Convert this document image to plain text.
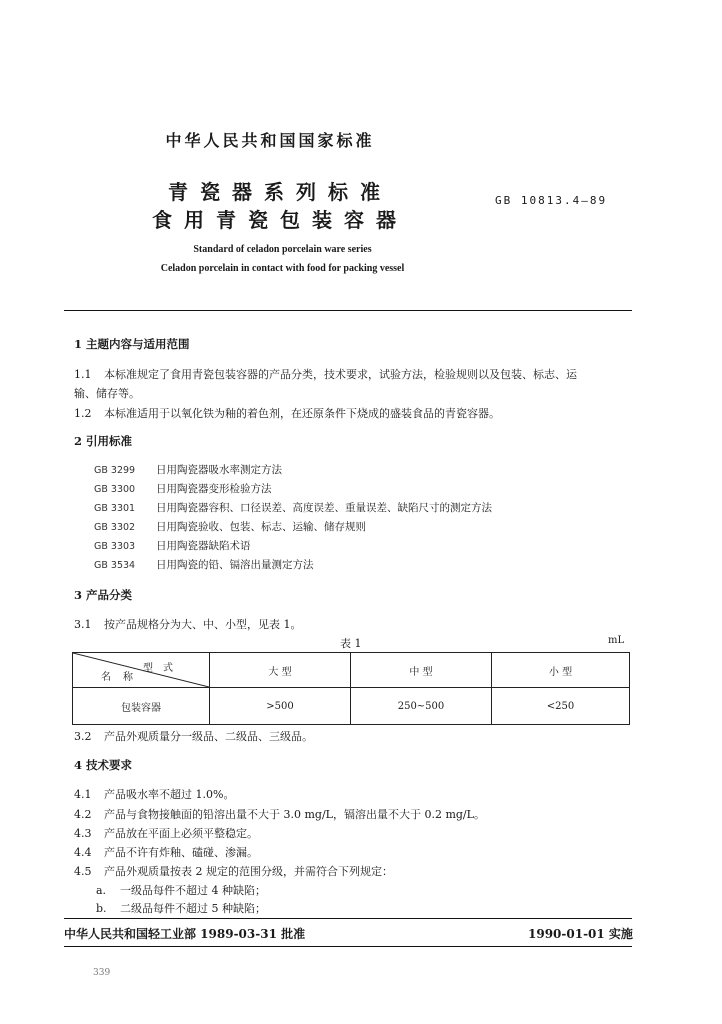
中华人民共和国国家标准
青瓷器系列标准
食用青瓷包装容器
GB 10813.4—89
Standard of celadon porcelain ware series
Celadon porcelain in contact with food for packing vessel
1 主题内容与适用范围
1.1 本标准规定了食用青瓷包装容器的产品分类，技术要求，试验方法，检验规则以及包装、标志、运
输、储存等。
1.2 本标准适用于以氧化铁为釉的着色剂，在还原条件下烧成的盛装食品的青瓷容器。
2 引用标准
GB 3299 日用陶瓷器吸水率测定方法
GB 3300 日用陶瓷器变形检验方法
GB 3301 日用陶瓷器容积、口径误差、高度误差、重量误差、缺陷尺寸的测定方法
GB 3302 日用陶瓷验收、包装、标志、运输、储存规则
GB 3303 日用陶瓷器缺陷术语
GB 3534 日用陶瓷的铅、镉溶出量测定方法
3 产品分类
3.1 按产品规格分为大、中、小型，见表 1。
表 1	mL
型式
名称	大 型	中 型	小 型
包装容器	>500	250~500	<250
3.2 产品外观质量分一级品、二级品、三级品。
4 技术要求
4.1 产品吸水率不超过 1.0%。
4.2 产品与食物接触面的铅溶出量不大于 3.0 mg/L，镉溶出量不大于 0.2 mg/L。
4.3 产品放在平面上必须平整稳定。
4.4 产品不许有炸釉、磕碰、渗漏。
4.5 产品外观质量按表 2 规定的范围分级，并需符合下列规定：
a. 一级品每件不超过 4 种缺陷；
b. 二级品每件不超过 5 种缺陷；
中华人民共和国轻工业部 1989-03-31 批准	1990-01-01 实施
339
